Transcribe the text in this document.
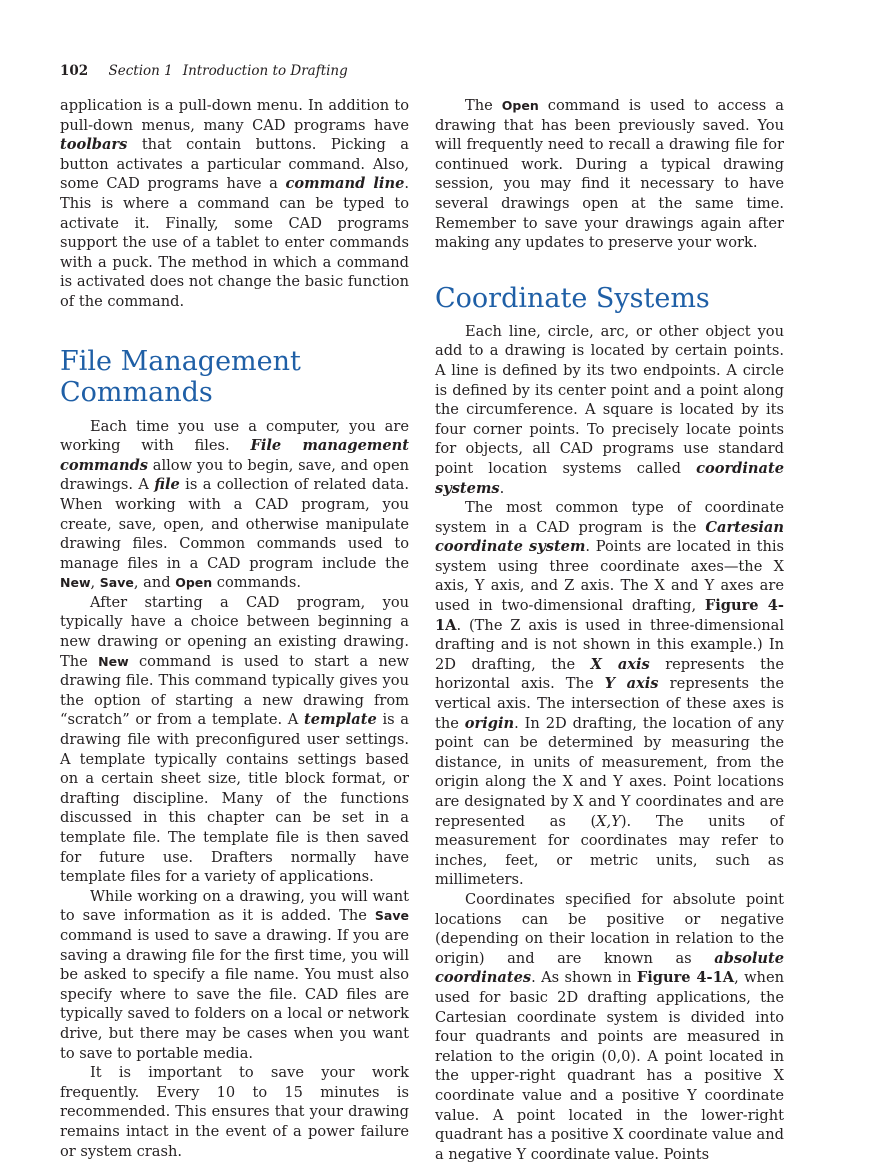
102 Section 1 Introduction to Drafting

application is a pull-down menu. In addition to pull-down menus, many CAD programs have toolbars that contain buttons. Picking a button activates a particular command. Also, some CAD programs have a command line. This is where a command can be typed to activate it. Finally, some CAD programs support the use of a tablet to enter commands with a puck. The method in which a command is activated does not change the basic function of the command.

File Management Commands

Each time you use a computer, you are working with files. File management commands allow you to begin, save, and open drawings. A file is a collection of related data. When working with a CAD program, you create, save, open, and otherwise manipulate drawing files. Common commands used to manage files in a CAD program include the New, Save, and Open commands.

After starting a CAD program, you typically have a choice between beginning a new drawing or opening an existing drawing. The New command is used to start a new drawing file. This command typically gives you the option of starting a new drawing from “scratch” or from a template. A template is a drawing file with preconfigured user settings. A template typically contains settings based on a certain sheet size, title block format, or drafting discipline. Many of the functions discussed in this chapter can be set in a template file. The template file is then saved for future use. Drafters normally have template files for a variety of applications.

While working on a drawing, you will want to save information as it is added. The Save command is used to save a drawing. If you are saving a drawing file for the first time, you will be asked to specify a file name. You must also specify where to save the file. CAD files are typically saved to folders on a local or network drive, but there may be cases when you want to save to portable media.

It is important to save your work frequently. Every 10 to 15 minutes is recommended. This ensures that your drawing remains intact in the event of a power failure or system crash.

The Open command is used to access a drawing that has been previously saved. You will frequently need to recall a drawing file for continued work. During a typical drawing session, you may find it necessary to have several drawings open at the same time. Remember to save your drawings again after making any updates to preserve your work.

Coordinate Systems

Each line, circle, arc, or other object you add to a drawing is located by certain points. A line is defined by its two endpoints. A circle is defined by its center point and a point along the circumference. A square is located by its four corner points. To precisely locate points for objects, all CAD programs use standard point location systems called coordinate systems.

The most common type of coordinate system in a CAD program is the Cartesian coordinate system. Points are located in this system using three coordinate axes—the X axis, Y axis, and Z axis. The X and Y axes are used in two-dimensional drafting, Figure 4-1A. (The Z axis is used in three-dimensional drafting and is not shown in this example.) In 2D drafting, the X axis represents the horizontal axis. The Y axis represents the vertical axis. The intersection of these axes is the origin. In 2D drafting, the location of any point can be determined by measuring the distance, in units of measurement, from the origin along the X and Y axes. Point locations are designated by X and Y coordinates and are represented as (X,Y). The units of measurement for coordinates may refer to inches, feet, or metric units, such as millimeters.

Coordinates specified for absolute point locations can be positive or negative (depending on their location in relation to the origin) and are known as absolute coordinates. As shown in Figure 4-1A, when used for basic 2D drafting applications, the Cartesian coordinate system is divided into four quadrants and points are measured in relation to the origin (0,0). A point located in the upper-right quadrant has a positive X coordinate value and a positive Y coordinate value. A point located in the lower-right quadrant has a positive X coordinate value and a negative Y coordinate value. Points
